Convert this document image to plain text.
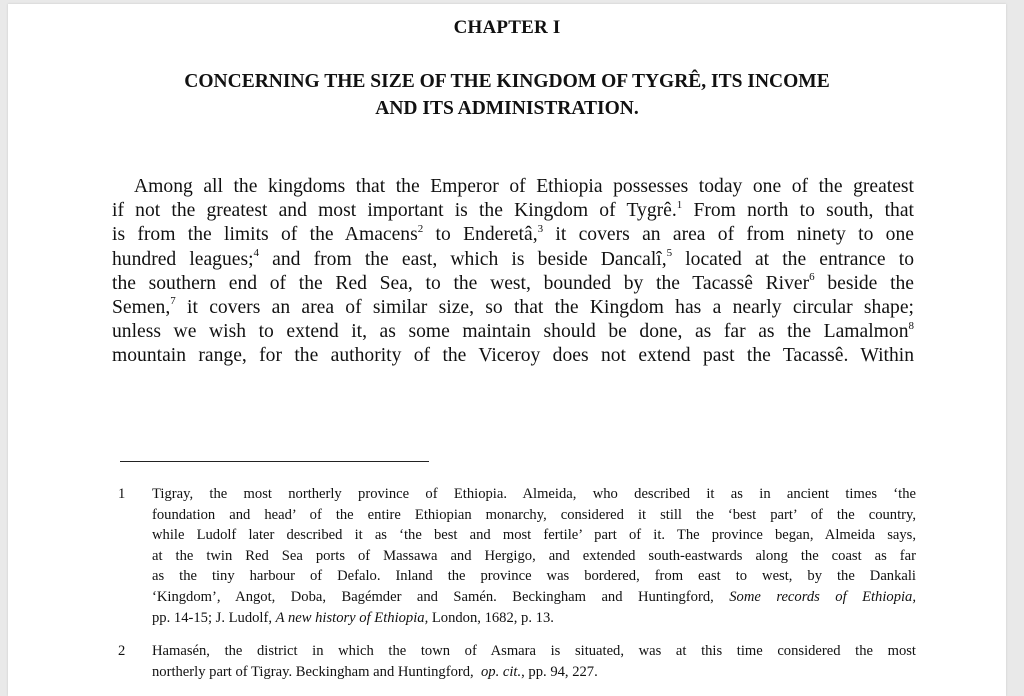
CHAPTER I
CONCERNING THE SIZE OF THE KINGDOM OF TYGRÊ, ITS INCOME
AND ITS ADMINISTRATION.
Among all the kingdoms that the Emperor of Ethiopia possesses today one of the greatest
if not the greatest and most important is the Kingdom of Tygrê.$^1$ From north to south, that
is from the limits of the Amacens$^2$ to Enderetâ,$^3$ it covers an area of from ninety to one
hundred leagues;$^4$ and from the east, which is beside Dancalî,$^5$ located at the entrance to
the southern end of the Red Sea, to the west, bounded by the Tacassê River$^6$ beside the
Semen,$^7$ it covers an area of similar size, so that the Kingdom has a nearly circular shape;
unless we wish to extend it, as some maintain should be done, as far as the Lamalmon$^8$
mountain range, for the authority of the Viceroy does not extend past the Tacassê. Within
1 Tigray, the most northerly province of Ethiopia. Almeida, who described it as in ancient times ‘the
foundation and head’ of the entire Ethiopian monarchy, considered it still the ‘best part’ of the country,
while Ludolf later described it as ‘the best and most fertile’ part of it. The province began, Almeida says,
at the twin Red Sea ports of Massawa and Hergigo, and extended south-eastwards along the coast as far
as the tiny harbour of Defalo. Inland the province was bordered, from east to west, by the Dankali
‘Kingdom’, Angot, Doba, Bagémder and Samén. Beckingham and Huntingford, Some records of Ethiopia,
pp. 14-15; J. Ludolf, A new history of Ethiopia, London, 1682, p. 13.
2 Hamasén, the district in which the town of Asmara is situated, was at this time considered the most
northerly part of Tigray. Beckingham and Huntingford, op. cit., pp. 94, 227.
